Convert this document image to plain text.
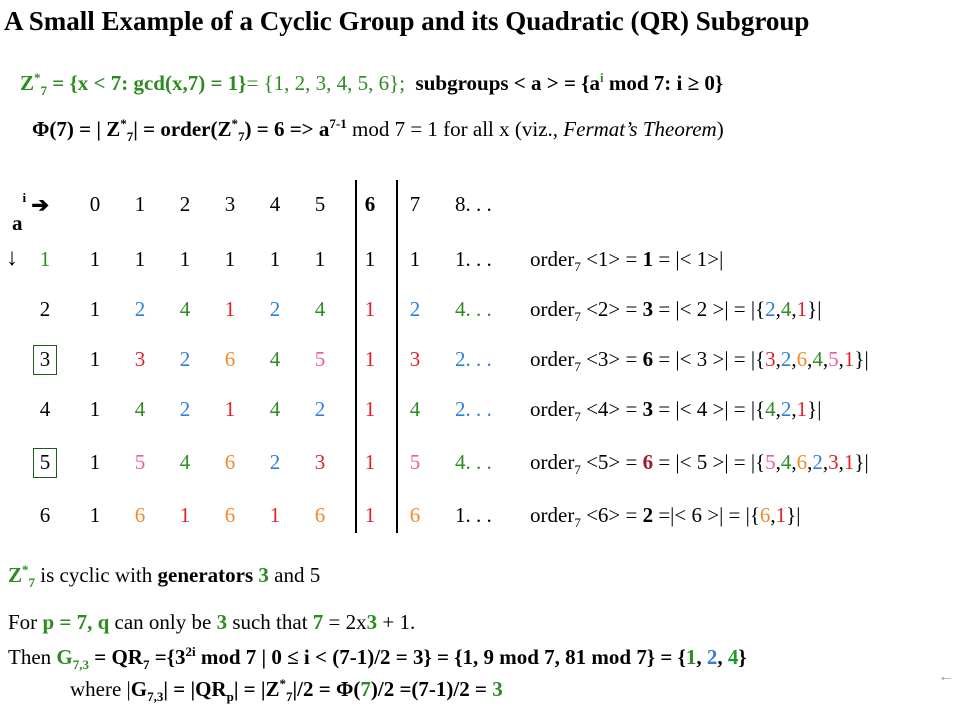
A Small Example of a Cyclic Group and its Quadratic (QR) Subgroup
$Z^*_7 = \{x < 7$: gcd(x,7) = 1}= {1, 2, 3, 4, 5, 6}; subgroups < a > = {$a^i$ mod 7: i ≥ 0}
Φ(7) = | $Z^*_7|$ = $order(Z^*_7) = 6 => a^{7-1}$ mod 7 = 1 for all x (viz., Fermat’s Theorem)
$a^i$ ➔	0	1	2	3	4	5	6	7	8. . .
↓	1	1	1	1	1	1	1	1	1	1. . .	order$_7$ <1> = 1 = |< 1>|
2	1	2	4	1	2	4	1	2	4. . .	order$_7$ <2> = 3 = |< 2 >| = |{2,4,1}|
3	1	3	2	6	4	5	1	3	2. . .	order$_7$ <3> = 6 = |< 3 >| = |{3,2,6,4,5,1}|
4	1	4	2	1	4	2	1	4	2. . .	order$_7$ <4> = 3 = |< 4 >| = |{4,2,1}|
5	1	5	4	6	2	3	1	5	4. . .	order$_7$ <5> = 6 = |< 5 >| = |{5,4,6,2,3,1}|
6	1	6	1	6	1	6	1	6	1. . .	order$_7$ <6> = 2 =|< 6 >| = |{6,1}|
$Z^*_7$ is cyclic with generators 3 and 5
For p = 7, q can only be 3 such that 7 = 2x3 + 1.
Then $G_{7,3} = QR_7 =\{3^{2i}$ mod 7 | 0 ≤ i < (7-1)/2 = 3} = {1, 9 mod 7, 81 mod 7} = {1, 2, 4}
where $|G_{7,3}| = |QR_p| = |Z^*_7|/2 = \Phi(7)/2 =(7-1)/2 = 3$
←
